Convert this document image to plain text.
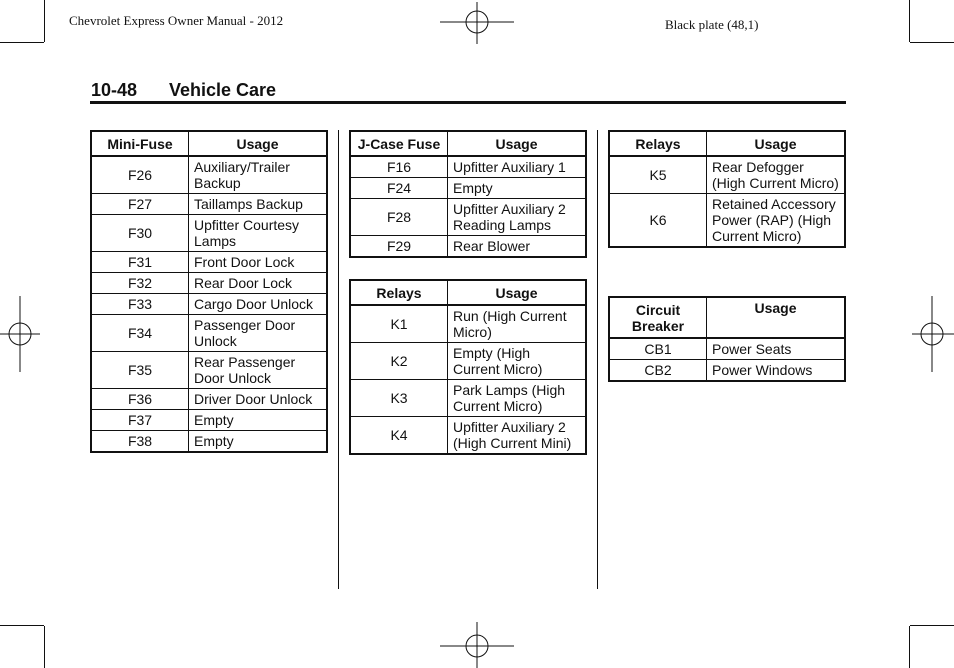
Chevrolet Express Owner Manual - 2012	Black plate (48,1)
10-48 Vehicle Care
Mini-Fuse	Usage
F26	Auxiliary/Trailer Backup
F27	Taillamps Backup
F30	Upfitter Courtesy Lamps
F31	Front Door Lock
F32	Rear Door Lock
F33	Cargo Door Unlock
F34	Passenger Door Unlock
F35	Rear Passenger Door Unlock
F36	Driver Door Unlock
F37	Empty
F38	Empty
J-Case Fuse	Usage
F16	Upfitter Auxiliary 1
F24	Empty
F28	Upfitter Auxiliary 2 Reading Lamps
F29	Rear Blower
Relays	Usage
K1	Run (High Current Micro)
K2	Empty (High Current Micro)
K3	Park Lamps (High Current Micro)
K4	Upfitter Auxiliary 2 (High Current Mini)
Relays	Usage
K5	Rear Defogger (High Current Micro)
K6	Retained Accessory Power (RAP) (High Current Micro)
Circuit Breaker	Usage
CB1	Power Seats
CB2	Power Windows
